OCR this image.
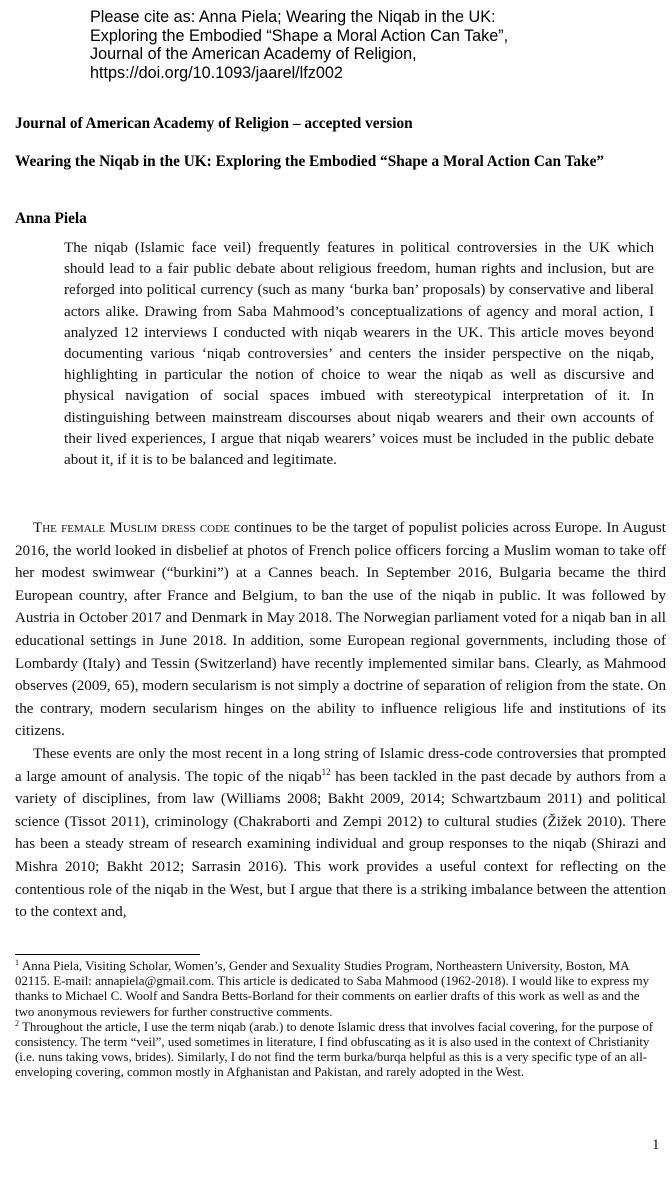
Please cite as: Anna Piela; Wearing the Niqab in the UK:
Exploring the Embodied “Shape a Moral Action Can Take”,
Journal of the American Academy of Religion,
https://doi.org/10.1093/jaarel/lfz002
Journal of American Academy of Religion – accepted version
Wearing the Niqab in the UK: Exploring the Embodied “Shape a Moral Action Can Take”
Anna Piela
The niqab (Islamic face veil) frequently features in political controversies in the UK which should lead to a fair public debate about religious freedom, human rights and inclusion, but are reforged into political currency (such as many ‘burka ban’ proposals) by conservative and liberal actors alike. Drawing from Saba Mahmood’s conceptualizations of agency and moral action, I analyzed 12 interviews I conducted with niqab wearers in the UK. This article moves beyond documenting various ‘niqab controversies’ and centers the insider perspective on the niqab, highlighting in particular the notion of choice to wear the niqab as well as discursive and physical navigation of social spaces imbued with stereotypical interpretation of it. In distinguishing between mainstream discourses about niqab wearers and their own accounts of their lived experiences, I argue that niqab wearers’ voices must be included in the public debate about it, if it is to be balanced and legitimate.

The female Muslim dress code continues to be the target of populist policies across Europe. In August 2016, the world looked in disbelief at photos of French police officers forcing a Muslim woman to take off her modest swimwear (“burkini”) at a Cannes beach. In September 2016, Bulgaria became the third European country, after France and Belgium, to ban the use of the niqab in public. It was followed by Austria in October 2017 and Denmark in May 2018. The Norwegian parliament voted for a niqab ban in all educational settings in June 2018. In addition, some European regional governments, including those of Lombardy (Italy) and Tessin (Switzerland) have recently implemented similar bans. Clearly, as Mahmood observes (2009, 65), modern secularism is not simply a doctrine of separation of religion from the state. On the contrary, modern secularism hinges on the ability to influence religious life and institutions of its citizens.

These events are only the most recent in a long string of Islamic dress-code controversies that prompted a large amount of analysis. The topic of the niqab$^{12}$ has been tackled in the past decade by authors from a variety of disciplines, from law (Williams 2008; Bakht 2009, 2014; Schwartzbaum 2011) and political science (Tissot 2011), criminology (Chakraborti and Zempi 2012) to cultural studies (Žižek 2010). There has been a steady stream of research examining individual and group responses to the niqab (Shirazi and Mishra 2010; Bakht 2012; Sarrasin 2016). This work provides a useful context for reflecting on the contentious role of the niqab in the West, but I argue that there is a striking imbalance between the attention to the context and,

$^1$ Anna Piela, Visiting Scholar, Women’s, Gender and Sexuality Studies Program, Northeastern University, Boston, MA 02115. E-mail: annapiela@gmail.com. This article is dedicated to Saba Mahmood (1962-2018). I would like to express my thanks to Michael C. Woolf and Sandra Betts-Borland for their comments on earlier drafts of this work as well as and the two anonymous reviewers for further constructive comments.

$^2$ Throughout the article, I use the term niqab (arab.) to denote Islamic dress that involves facial covering, for the purpose of consistency. The term “veil”, used sometimes in literature, I find obfuscating as it is also used in the context of Christianity (i.e. nuns taking vows, brides). Similarly, I do not find the term burka/burqa helpful as this is a very specific type of an all-enveloping covering, common mostly in Afghanistan and Pakistan, and rarely adopted in the West.

1
